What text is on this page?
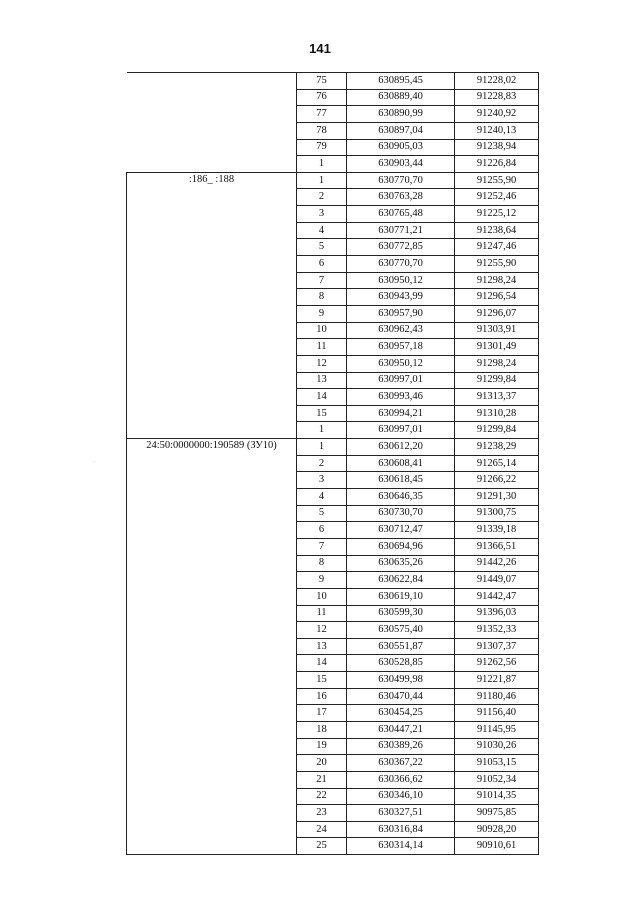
141
	75	630895,45	91228,02
	76	630889,40	91228,83
	77	630890,99	91240,92
	78	630897,04	91240,13
	79	630905,03	91238,94
	1	630903,44	91226,84
:186_ :188	1	630770,70	91255,90
	2	630763,28	91252,46
	3	630765,48	91225,12
	4	630771,21	91238,64
	5	630772,85	91247,46
	6	630770,70	91255,90
	7	630950,12	91298,24
	8	630943,99	91296,54
	9	630957,90	91296,07
	10	630962,43	91303,91
	11	630957,18	91301,49
	12	630950,12	91298,24
	13	630997,01	91299,84
	14	630993,46	91313,37
	15	630994,21	91310,28
	1	630997,01	91299,84
24:50:0000000:190589 (ЗУ10)	1	630612,20	91238,29
	2	630608,41	91265,14
	3	630618,45	91266,22
	4	630646,35	91291,30
	5	630730,70	91300,75
	6	630712,47	91339,18
	7	630694,96	91366,51
	8	630635,26	91442,26
	9	630622,84	91449,07
	10	630619,10	91442,47
	11	630599,30	91396,03
	12	630575,40	91352,33
	13	630551,87	91307,37
	14	630528,85	91262,56
	15	630499,98	91221,87
	16	630470,44	91180,46
	17	630454,25	91156,40
	18	630447,21	91145,95
	19	630389,26	91030,26
	20	630367,22	91053,15
	21	630366,62	91052,34
	22	630346,10	91014,35
	23	630327,51	90975,85
	24	630316,84	90928,20
	25	630314,14	90910,61
·
